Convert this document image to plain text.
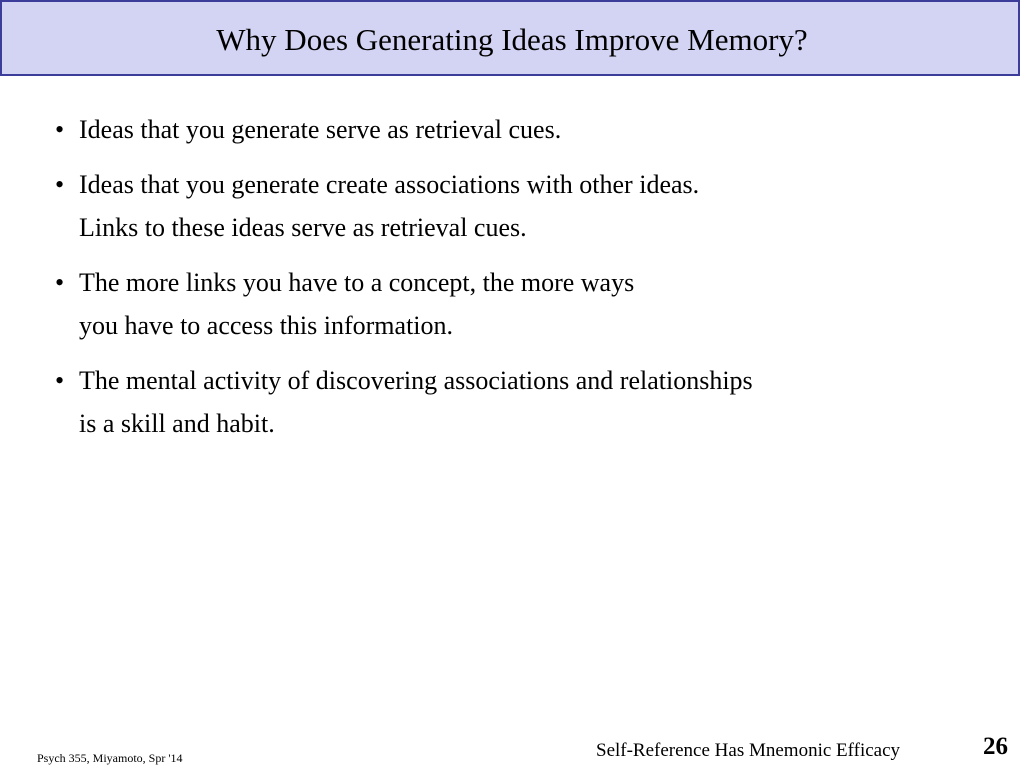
Why Does Generating Ideas Improve Memory?
• Ideas that you generate serve as retrieval cues.
• Ideas that you generate create associations with other ideas.
Links to these ideas serve as retrieval cues.
• The more links you have to a concept, the more ways
you have to access this information.
• The mental activity of discovering associations and relationships
is a skill and habit.
Psych 355, Miyamoto, Spr '14	Self-Reference Has Mnemonic Efficacy	26
